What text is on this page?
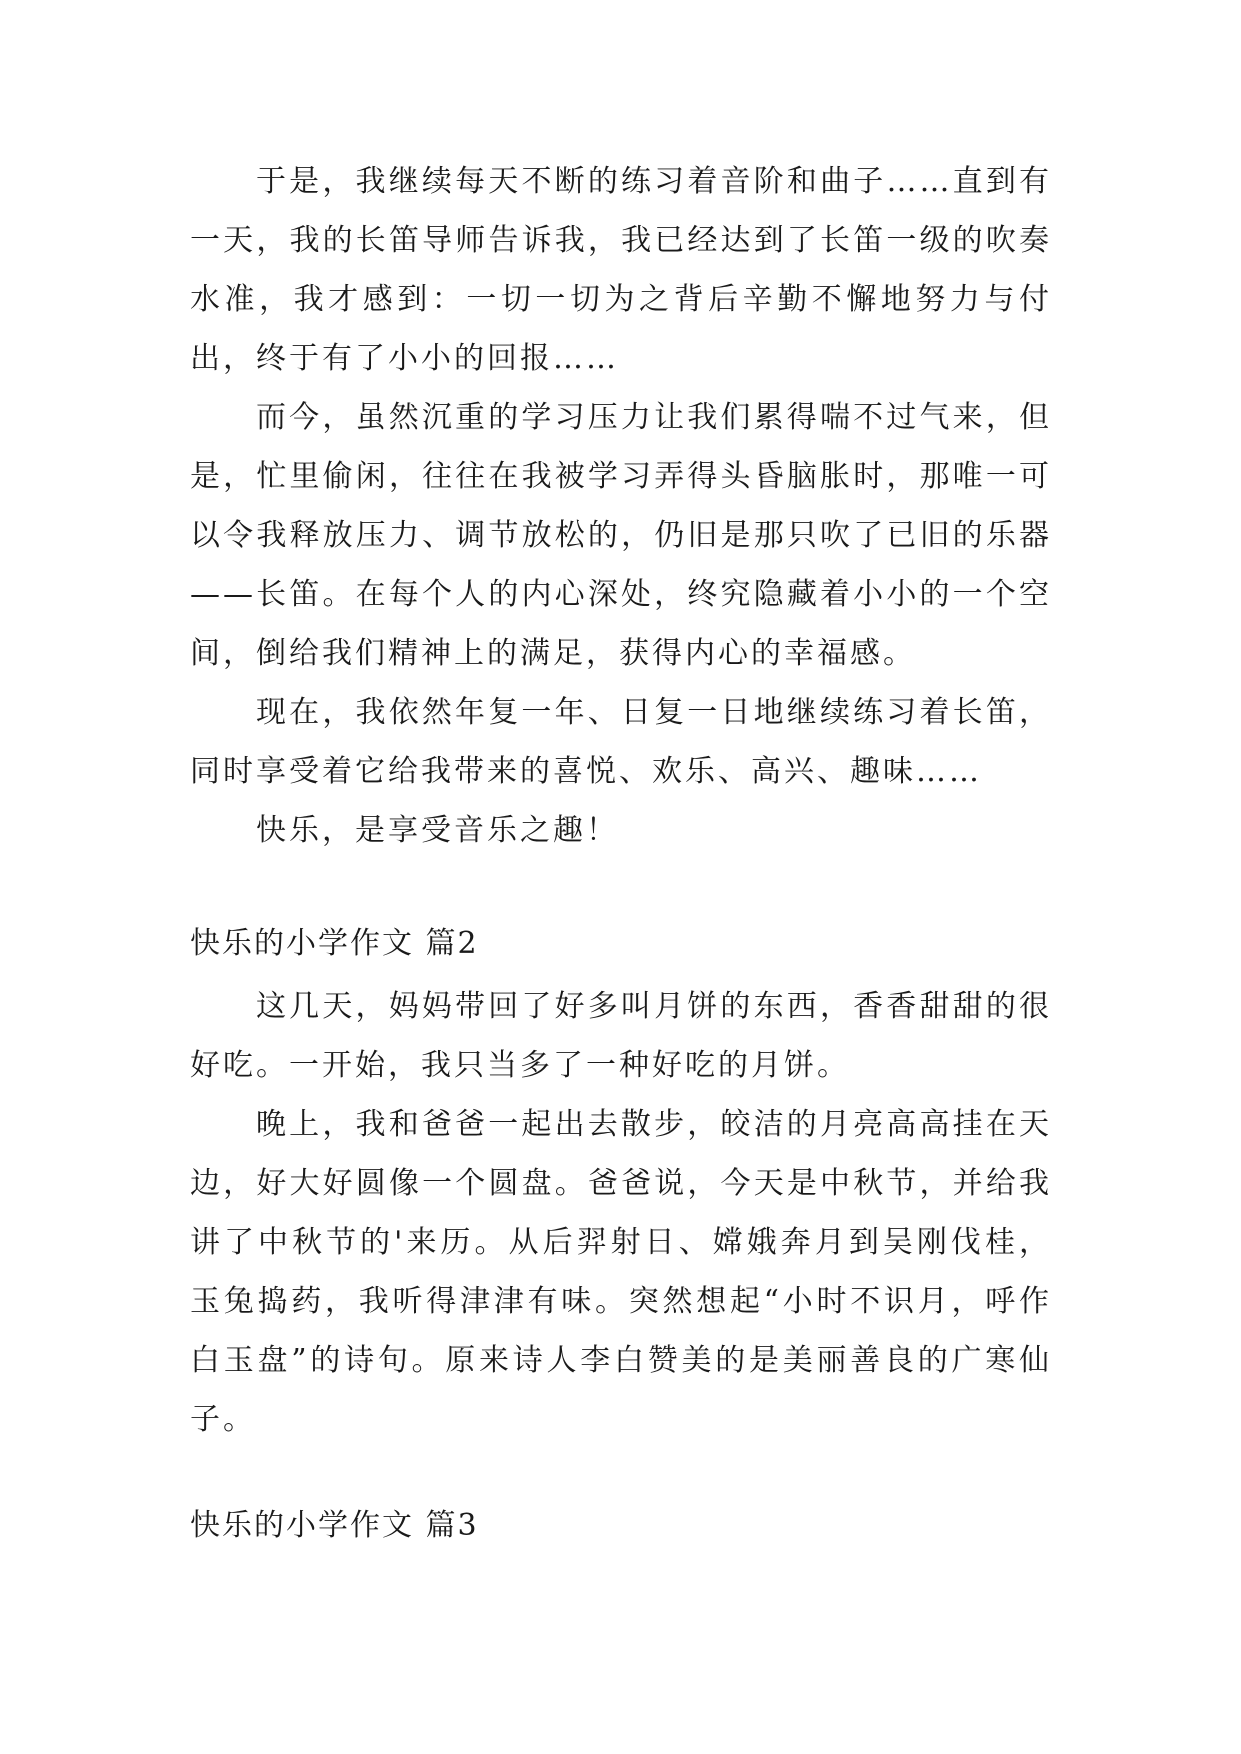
于是，我继续每天不断的练习着音阶和曲子……直到有一天，我的长笛导师告诉我，我已经达到了长笛一级的吹奏水准，我才感到：一切一切为之背后辛勤不懈地努力与付出，终于有了小小的回报……

而今，虽然沉重的学习压力让我们累得喘不过气来，但是，忙里偷闲，往往在我被学习弄得头昏脑胀时，那唯一可以令我释放压力、调节放松的，仍旧是那只吹了已旧的乐器——长笛。在每个人的内心深处，终究隐藏着小小的一个空间，倒给我们精神上的满足，获得内心的幸福感。

现在，我依然年复一年、日复一日地继续练习着长笛，同时享受着它给我带来的喜悦、欢乐、高兴、趣味……

快乐，是享受音乐之趣！

快乐的小学作文 篇2

这几天，妈妈带回了好多叫月饼的东西，香香甜甜的很好吃。一开始，我只当多了一种好吃的月饼。

晚上，我和爸爸一起出去散步，皎洁的月亮高高挂在天边，好大好圆像一个圆盘。爸爸说，今天是中秋节，并给我讲了中秋节的'来历。从后羿射日、嫦娥奔月到吴刚伐桂，玉兔捣药，我听得津津有味。突然想起“小时不识月，呼作白玉盘”的诗句。原来诗人李白赞美的是美丽善良的广寒仙子。

快乐的小学作文 篇3
